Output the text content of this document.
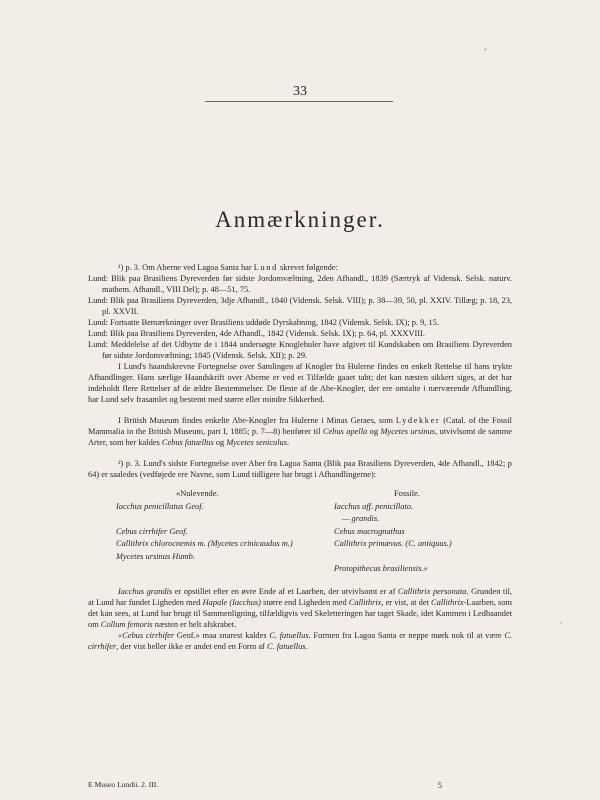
33
Anmærkninger.

¹) p. 3. Om Aberne ved Lagoa Santa har Lund skrevet følgende:

Lund: Blik paa Brasiliens Dyreverden før sidste Jordomvæltning, 2den Afhandl., 1839 (Særtryk af Vidensk. Selsk. naturv. mathem. Afhandl., VIII Del); p. 48—51, 75.

Lund: Blik paa Brasiliens Dyreverden, 3dje Afhandl., 1840 (Vidensk. Selsk. VIII); p. 38—39, 50, pl. XXIV. Tillæg; p. 18, 23, pl. XXVII.

Lund: Fortsatte Bemærkninger over Brasiliens uddøde Dyrskabning, 1842 (Vidensk. Selsk. IX); p. 9, 15.

Lund: Blik paa Brasiliens Dyreverden, 4de Afhandl., 1842 (Vidensk. Selsk. IX); p. 64, pl. XXXVIII.

Lund: Meddelelse af det Udbytte de i 1844 undersøgte Knoglehuler have afgivet til Kundskaben om Brasiliens Dyreverden før sidste Jordomvæltning; 1845 (Vidensk. Selsk. XII); p. 29.

I Lund's haandskrevne Fortegnelse over Samlingen af Knogler fra Hulerne findes en enkelt Rettelse til hans trykte Afhandlinger. Hans særlige Haandskrift over Aberne er ved et Tilfælde gaaet tabt; det kan næsten sikkert siges, at det har indeholdt flere Rettelser af de ældre Bestemmelser. De fleste af de Abe-Knogler, der ere omtalte i nærværende Afhandling, har Lund selv frasamlet og bestemt med større eller mindre Sikkerhed.

I British Museum findes enkelte Abe-Knogler fra Hulerne i Minas Geraes, som Lydekker (Catal. of the Fossil Mammalia in the British Museum, part I, 1885; p. 7—8) henfører til Cebus apella og Mycetes ursinus, utvivlsomt de samme Arter, som her kaldes Cebus fatuellus og Mycetes seniculus.

²) p. 3. Lund's sidste Fortegnelse over Aber fra Lagoa Santa (Blik paa Brasiliens Dyreverden, 4de Afhandl., 1842; p 64) er saaledes (vedføjede ere Navne, som Lund tidligere har brugt i Afhandlingerne):

«Nulevende.
Iacchus penicillatus Geof.
Cebus cirrhifer Geof.
Callithrix chlorocnemis m. (Mycetes crinicaudus m.)
Mycetes ursinus Humb.
Fossile.
Iacchus aff. penicillato.
— grandis.
Cebus macrognathus
Callithrix primævus. (C. antiquus.)
Protopithecus brasiliensis.»

Iacchus grandis er opstillet efter en øvre Ende af et Laarben, der utvivlsomt er af Callithrix personata. Grunden til, at Lund har fundet Ligheden med Hapale (Iacchus) større end Ligheden med Callithrix, er vist, at det Callithrix-Laarben, som det kan sees, at Lund har brugt til Sammenligning, tilfældigvis ved Skeletteringen har taget Skade, idet Kammen i Ledbaandet om Collum femoris næsten er helt afskrabet.

«Cebus cirrhifer Geof.» maa snarest kaldes C. fatuellus. Formen fra Lagoa Santa er neppe mørk nok til at være C. cirrhifer, der vist heller ikke er andet end en Form af C. fatuellus.

E Museo Lundii. 2. III.	5
